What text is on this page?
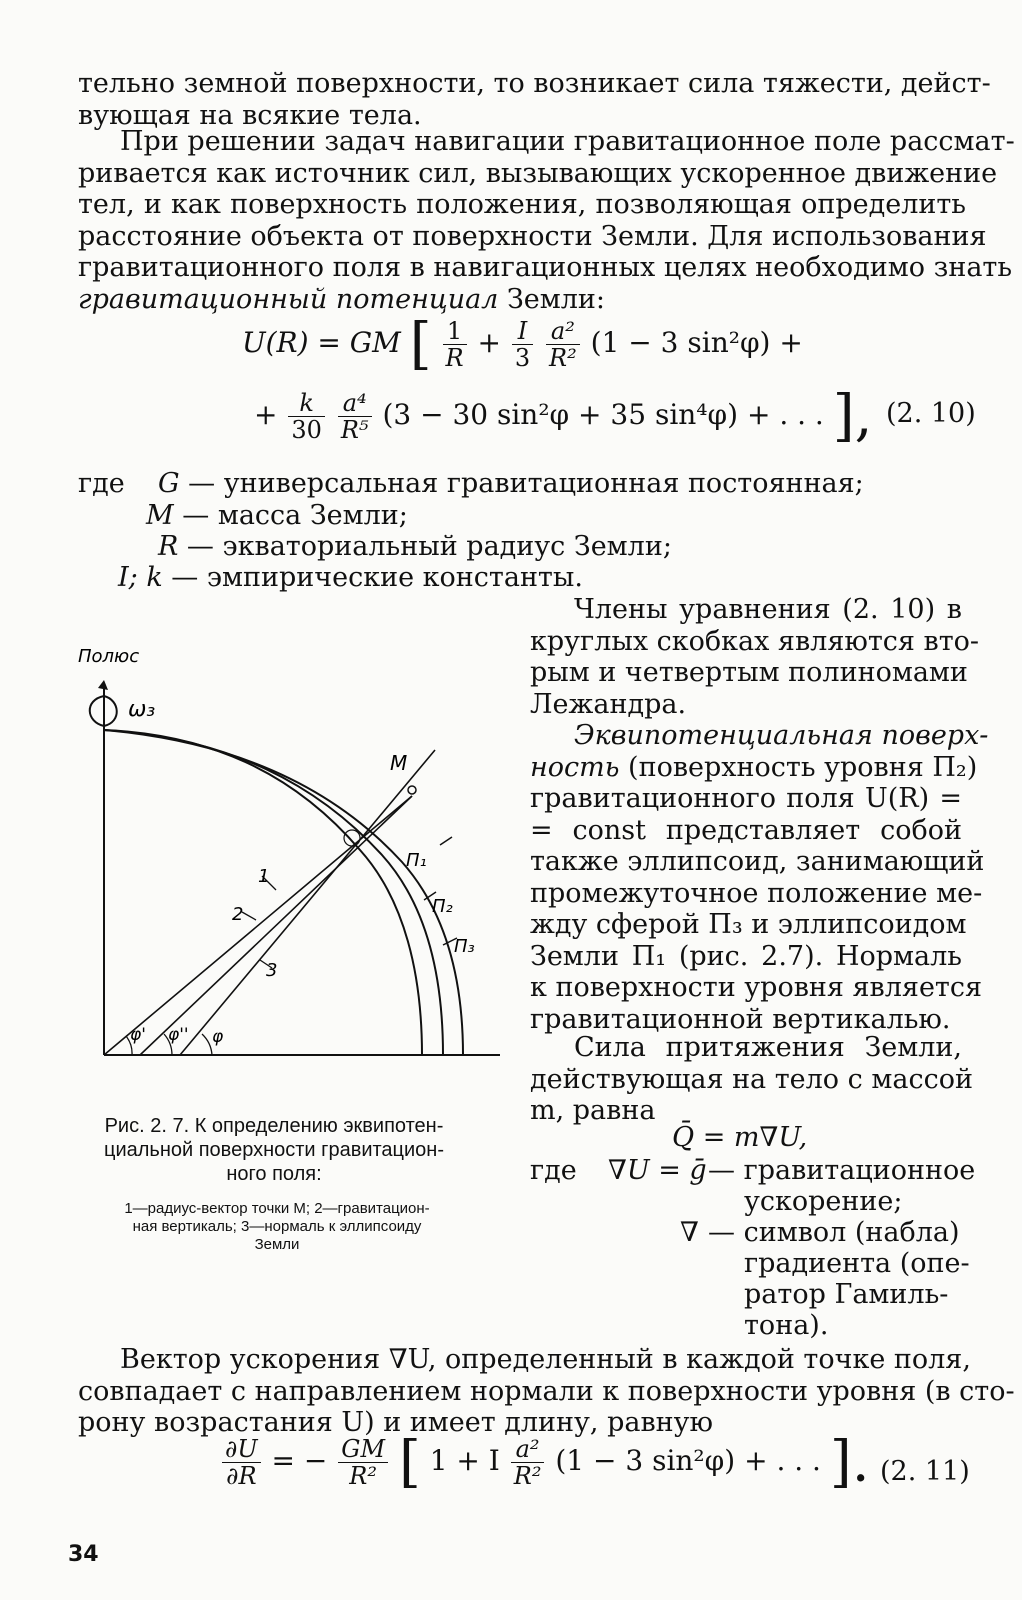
тельно земной поверхности, то возникает сила тяжести, дейст-
вующая на всякие тела.
При решении задач навигации гравитационное поле рассмат-
ривается как источник сил, вызывающих ускоренное движение
тел, и как поверхность положения, позволяющая определить
расстояние объекта от поверхности Земли. Для использования
гравитационного поля в навигационных целях необходимо знать
гравитационный потенциал Земли:
U(R) = GM [ $\frac{1}{R} + \frac{I}{3}$
$\frac{\text{a²}}{\text{R²}} (1 - 3$ sin²φ) +
+ $\frac{k}{30}$
$\frac{\text{a⁴}}{\text{R⁵}} (3 - 30$ sin²φ + 35 sin⁴φ) + . . . ], (2. 10)
где G — универсальная гравитационная постоянная;
M — масса Земли;
R — экваториальный радиус Земли;
I; k — эмпирические константы.
Полюс
ω₃
M
П₁
П₂
П₃
1
2
3
φ' φ'' φ
Рис. 2. 7. К определению эквипотен-
циальной поверхности гравитацион-
ного поля:
1—радиус-вектор точки М; 2—гравитацион-
ная вертикаль; 3—нормаль к эллипсоиду
Земли
Члены уравнения (2. 10) в
круглых скобках являются вто-
рым и четвертым полиномами
Лежандра.
Эквипотенциальная поверх-
ность (поверхность уровня П₂)
гравитационного поля U(R) =
= const представляет собой
также эллипсоид, занимающий
промежуточное положение ме-
жду сферой П₃ и эллипсоидом
Земли П₁ (рис. 2.7). Нормаль
к поверхности уровня является
гравитационной вертикалью.
Сила притяжения Земли,
действующая на тело с массой
m, равна
Q̄ = m∇U,
где ∇U = ḡ — гравитационное
ускорение;
∇ — символ (набла)
градиента (опе-
ратор Гамиль-
тона).
Вектор ускорения ∇U, определенный в каждой точке поля,
совпадает с направлением нормали к поверхности уровня (в сто-
рону возрастания U) и имеет длину, равную
$\frac{\partial U}{\partial R}$ = − $\frac{GM}{\text{R²}}$ [ 1 + I $\frac{\text{a²}}{\text{R²}} (1 - 3$ sin²φ) + . . . ]. (2. 11)
34
